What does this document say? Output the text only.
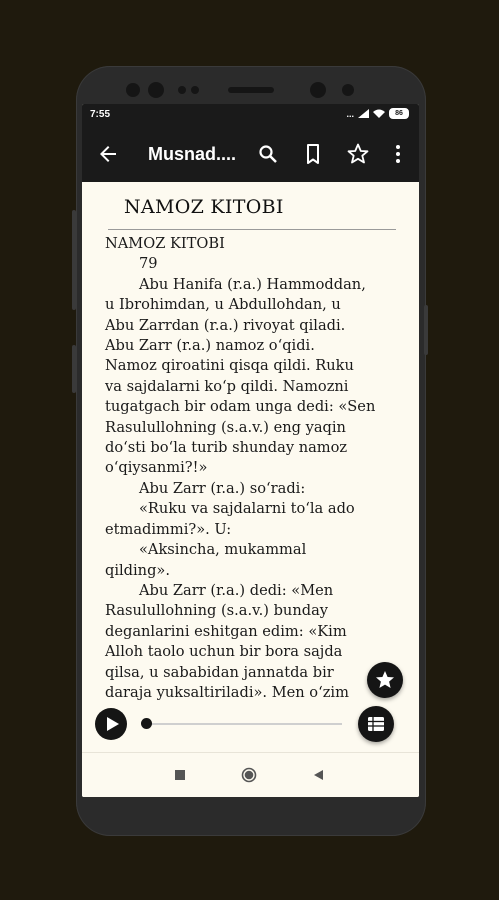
7:55	...	86
Musnad....
NAMOZ KITOBI

NAMOZ KITOBI

79

Abu Hanifa (r.a.) Hammoddan,

u Ibrohimdan, u Abdullohdan, u

Abu Zarrdan (r.a.) rivoyat qiladi.

Abu Zarr (r.a.) namoz oʻqidi.

Namoz qiroatini qisqa qildi. Ruku

va sajdalarni koʻp qildi. Namozni

tugatgach bir odam unga dedi: «Sen

Rasulullohning (s.a.v.) eng yaqin

doʻsti boʻla turib shunday namoz

oʻqiysanmi?!»

Abu Zarr (r.a.) soʻradi:

«Ruku va sajdalarni toʻla ado

etmadimmi?». U:

«Aksincha, mukammal

qilding».

Abu Zarr (r.a.) dedi: «Men

Rasulullohning (s.a.v.) bunday

deganlarini eshitgan edim: «Kim

Alloh taolo uchun bir bora sajda

qilsa, u sababidan jannatda bir

daraja yuksaltiriladi». Men oʻzim
